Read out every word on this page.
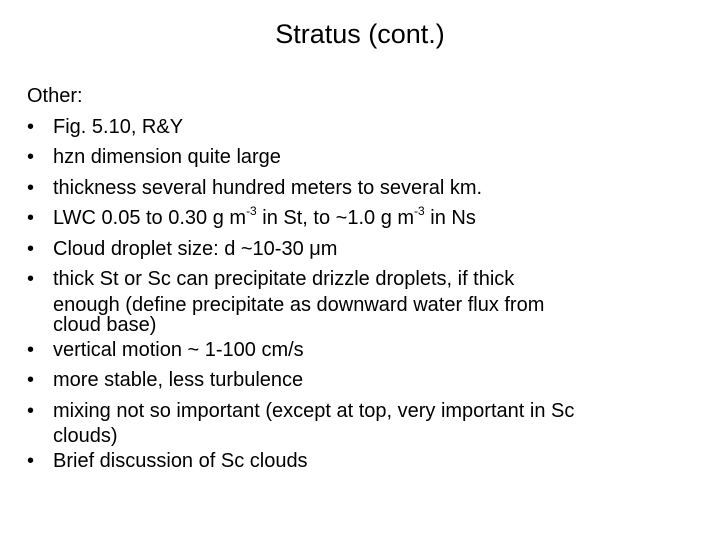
Stratus (cont.)

Other:

• Fig. 5.10, R&Y
• hzn dimension quite large
• thickness several hundred meters to several km.
• LWC 0.05 to 0.30 g $m^{-3}$ in St, to ~1.0 g $m^{-3}$ in Ns
• Cloud droplet size: d ~10-30 μm
• thick St or Sc can precipitate drizzle droplets, if thick
enough (define precipitate as downward water flux from
cloud base)
• vertical motion ~ 1-100 cm/s
• more stable, less turbulence
• mixing not so important (except at top, very important in Sc
clouds)
• Brief discussion of Sc clouds
